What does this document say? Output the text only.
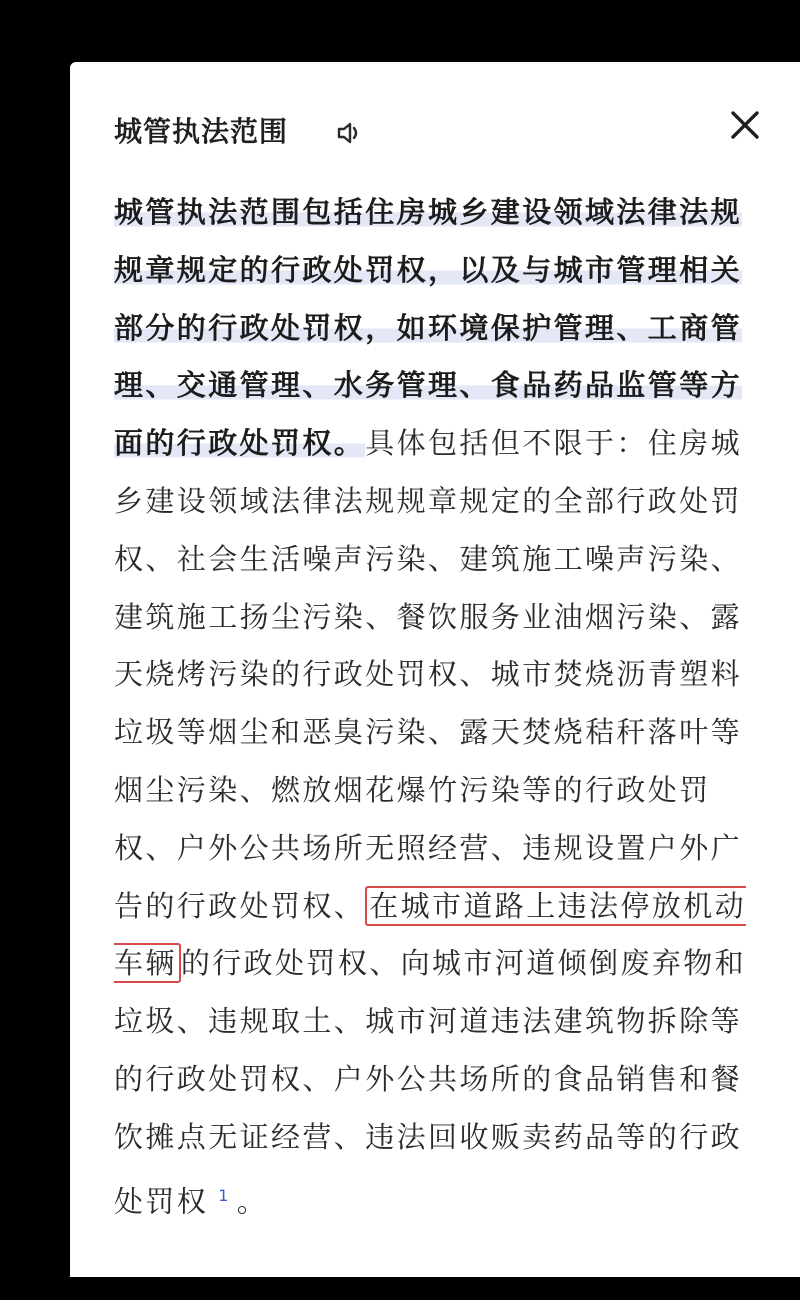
城管执法范围
城管执法范围包括住房城乡建设领域法律法规规章规定的行政处罚权，以及与城市管理相关部分的行政处罚权，如环境保护管理、工商管理、交通管理、水务管理、食品药品监管等方面的行政处罚权。具体包括但不限于：住房城乡建设领域法律法规规章规定的全部行政处罚权、社会生活噪声污染、建筑施工噪声污染、建筑施工扬尘污染、餐饮服务业油烟污染、露天烧烤污染的行政处罚权、城市焚烧沥青塑料垃圾等烟尘和恶臭污染、露天焚烧秸秆落叶等烟尘污染、燃放烟花爆竹污染等的行政处罚权、户外公共场所无照经营、违规设置户外广告的行政处罚权、 在城市道路上违法停放机动车辆 的行政处罚权、向城市河道倾倒废弃物和垃圾、违规取土、城市河道违法建筑物拆除等的行政处罚权、户外公共场所的食品销售和餐饮摊点无证经营、违法回收贩卖药品等的行政处罚权 $^1$ 。
